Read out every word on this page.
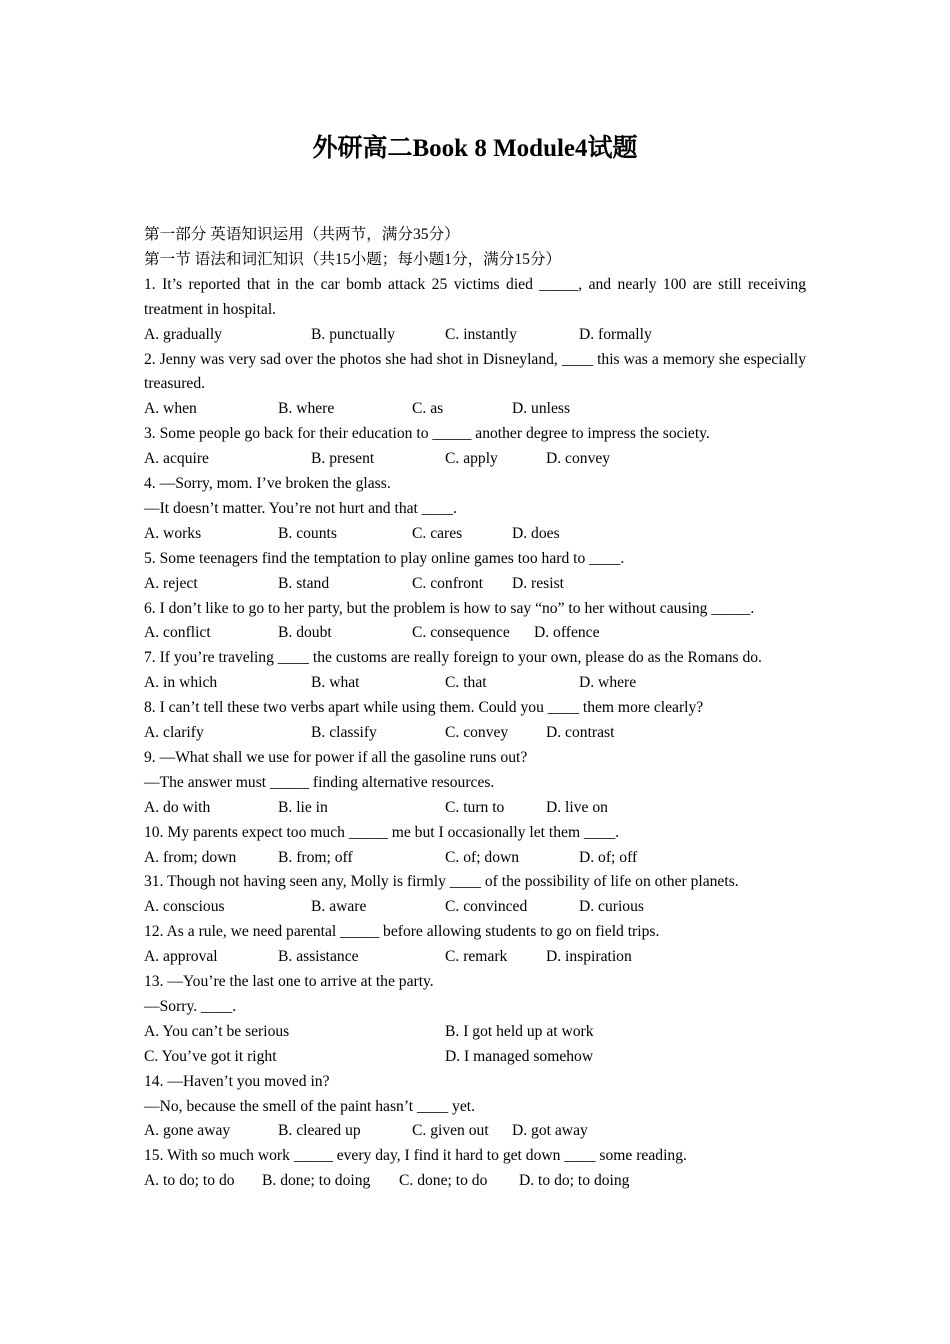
外研高二Book 8 Module4试题
第一部分 英语知识运用（共两节，满分35分）
第一节 语法和词汇知识（共15小题；每小题1分，满分15分）
1. It’s reported that in the car bomb attack 25 victims died _____, and nearly 100 are still receiving treatment in hospital.
A. gradually	B. punctually	C. instantly	D. formally
2. Jenny was very sad over the photos she had shot in Disneyland, ____ this was a memory she especially treasured.
A. when	B. where	C. as	D. unless
3. Some people go back for their education to _____ another degree to impress the society.
A. acquire	B. present	C. apply	D. convey
4. —Sorry, mom. I’ve broken the glass.
—It doesn’t matter. You’re not hurt and that ____.
A. works	B. counts	C. cares	D. does
5. Some teenagers find the temptation to play online games too hard to ____.
A. reject	B. stand	C. confront D. resist
6. I don’t like to go to her party, but the problem is how to say “no” to her without causing _____.
A. conflict	B. doubt	C. consequence D. offence
7. If you’re traveling ____ the customs are really foreign to your own, please do as the Romans do.
A. in which	B. what	C. that	D. where
8. I can’t tell these two verbs apart while using them. Could you ____ them more clearly?
A. clarify	B. classify	C. convey D. contrast
9. —What shall we use for power if all the gasoline runs out?
—The answer must _____ finding alternative resources.
A. do with	B. lie in	C. turn to	D. live on
10. My parents expect too much _____ me but I occasionally let them ____.
A. from; down	B. from; off	C. of; down	D. of; off
31. Though not having seen any, Molly is firmly ____ of the possibility of life on other planets.
A. conscious	B. aware	C. convinced	D. curious
12. As a rule, we need parental _____ before allowing students to go on field trips.
A. approval	B. assistance	C. remark D. inspiration
13. —You’re the last one to arrive at the party.
—Sorry. ____.
A. You can’t be serious	B. I got held up at work
C. You’ve got it right	D. I managed somehow
14. —Haven’t you moved in?
—No, because the smell of the paint hasn’t ____ yet.
A. gone away	B. cleared up	C. given out D. got away
15. With so much work _____ every day, I find it hard to get down ____ some reading.
A. to do; to do B. done; to doing C. done; to do D. to do; to doing
